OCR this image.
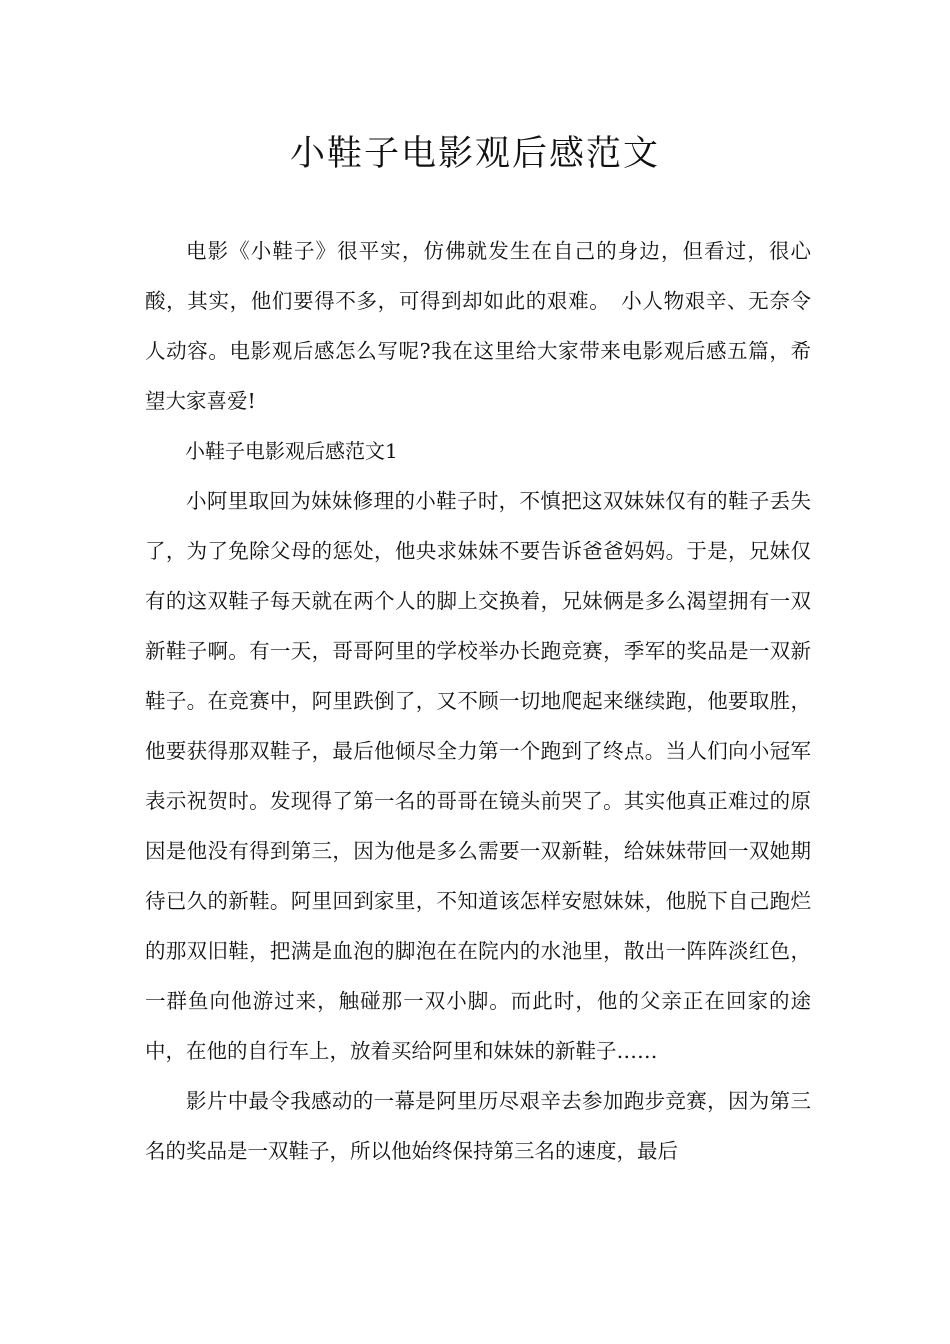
小鞋子电影观后感范文

电影《小鞋子》很平实，仿佛就发生在自己的身边，但看过，很心酸，其实，他们要得不多，可得到却如此的艰难。　小人物艰辛、无奈令人动容。电影观后感怎么写呢?我在这里给大家带来电影观后感五篇，希望大家喜爱!

小鞋子电影观后感范文1

小阿里取回为妹妹修理的小鞋子时，不慎把这双妹妹仅有的鞋子丢失了，为了免除父母的惩处，他央求妹妹不要告诉爸爸妈妈。于是，兄妹仅有的这双鞋子每天就在两个人的脚上交换着，兄妹俩是多么渴望拥有一双新鞋子啊。有一天，哥哥阿里的学校举办长跑竞赛，季军的奖品是一双新鞋子。在竞赛中，阿里跌倒了，又不顾一切地爬起来继续跑，他要取胜，他要获得那双鞋子，最后他倾尽全力第一个跑到了终点。当人们向小冠军表示祝贺时。发现得了第一名的哥哥在镜头前哭了。其实他真正难过的原因是他没有得到第三，因为他是多么需要一双新鞋，给妹妹带回一双她期待已久的新鞋。阿里回到家里，不知道该怎样安慰妹妹，他脱下自己跑烂的那双旧鞋，把满是血泡的脚泡在在院内的水池里，散出一阵阵淡红色，一群鱼向他游过来，触碰那一双小脚。而此时，他的父亲正在回家的途中，在他的自行车上，放着买给阿里和妹妹的新鞋子……

影片中最令我感动的一幕是阿里历尽艰辛去参加跑步竞赛，因为第三名的奖品是一双鞋子，所以他始终保持第三名的速度，最后
